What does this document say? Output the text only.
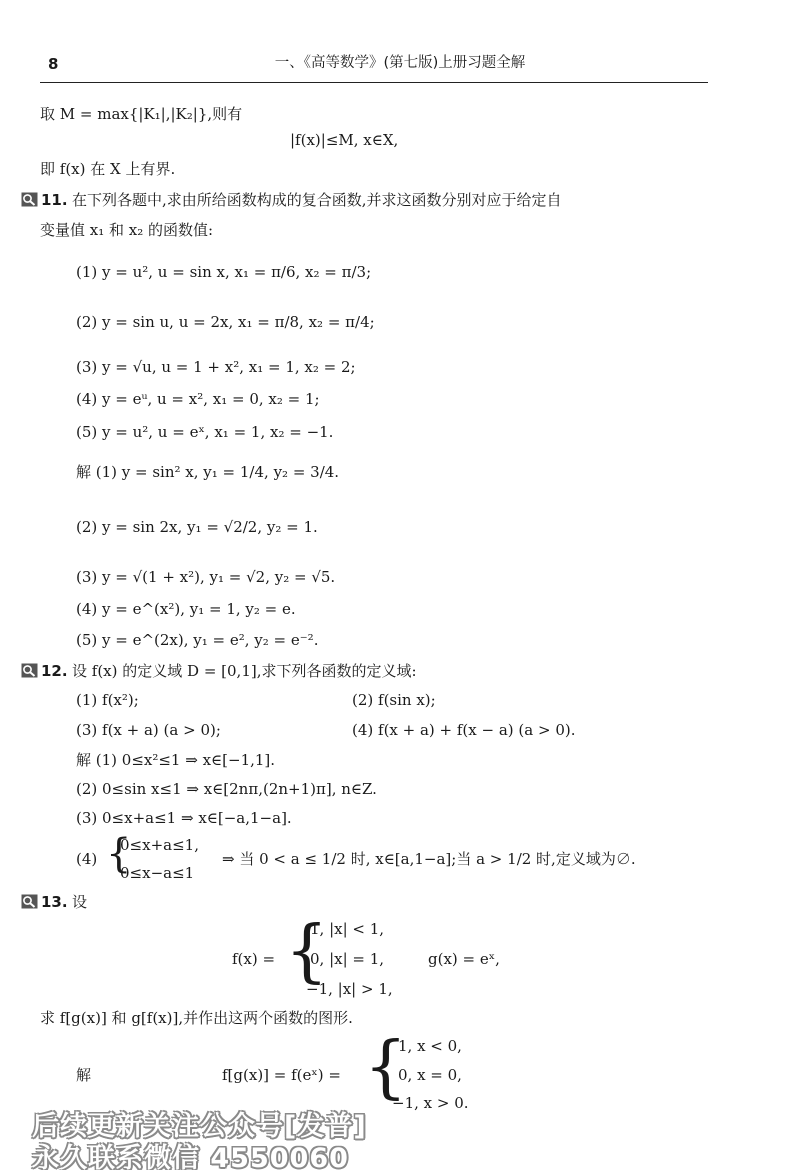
8	一、《高等数学》(第七版)上册习题全解
取 M = max{|K₁|,|K₂|},则有
|f(x)|≤M, x∈X,
即 f(x) 在 X 上有界.
11. 在下列各题中,求由所给函数构成的复合函数,并求这函数分别对应于给定自
变量值 x₁ 和 x₂ 的函数值:
(1) y = u², u = sin x, x₁ = π/6, x₂ = π/3;
(2) y = sin u, u = 2x, x₁ = π/8, x₂ = π/4;
(3) y = √u, u = 1 + x², x₁ = 1, x₂ = 2;
(4) y = eᵘ, u = x², x₁ = 0, x₂ = 1;
(5) y = u², u = eˣ, x₁ = 1, x₂ = −1.
解 (1) y = sin² x, y₁ = 1/4, y₂ = 3/4.
(2) y = sin 2x, y₁ = √2/2, y₂ = 1.
(3) y = √(1 + x²), y₁ = √2, y₂ = √5.
(4) y = e^(x²), y₁ = 1, y₂ = e.
(5) y = e^(2x), y₁ = e², y₂ = e⁻².
12. 设 f(x) 的定义域 D = [0,1],求下列各函数的定义域:
(1) f(x²);	(2) f(sin x);
(3) f(x + a) (a > 0);	(4) f(x + a) + f(x − a) (a > 0).
解 (1) 0≤x²≤1 ⇒ x∈[−1,1].
(2) 0≤sin x≤1 ⇒ x∈[2nπ,(2n+1)π], n∈Z.
(3) 0≤x+a≤1 ⇒ x∈[−a,1−a].
(4) {
0≤x+a≤1,
0≤x−a≤1
⇒ 当 0 < a ≤ 1/2 时, x∈[a,1−a];当 a > 1/2 时,定义域为∅.
13. 设
f(x) = {
1, |x| < 1,
0, |x| = 1,
−1, |x| > 1,
g(x) = eˣ,
求 f[g(x)] 和 g[f(x)],并作出这两个函数的图形.
解	f[g(x)] = f(eˣ) = {
1, x < 0,
0, x = 0,
−1, x > 0.
后续更新关注公众号[发普]
永久联系微信 4550060
